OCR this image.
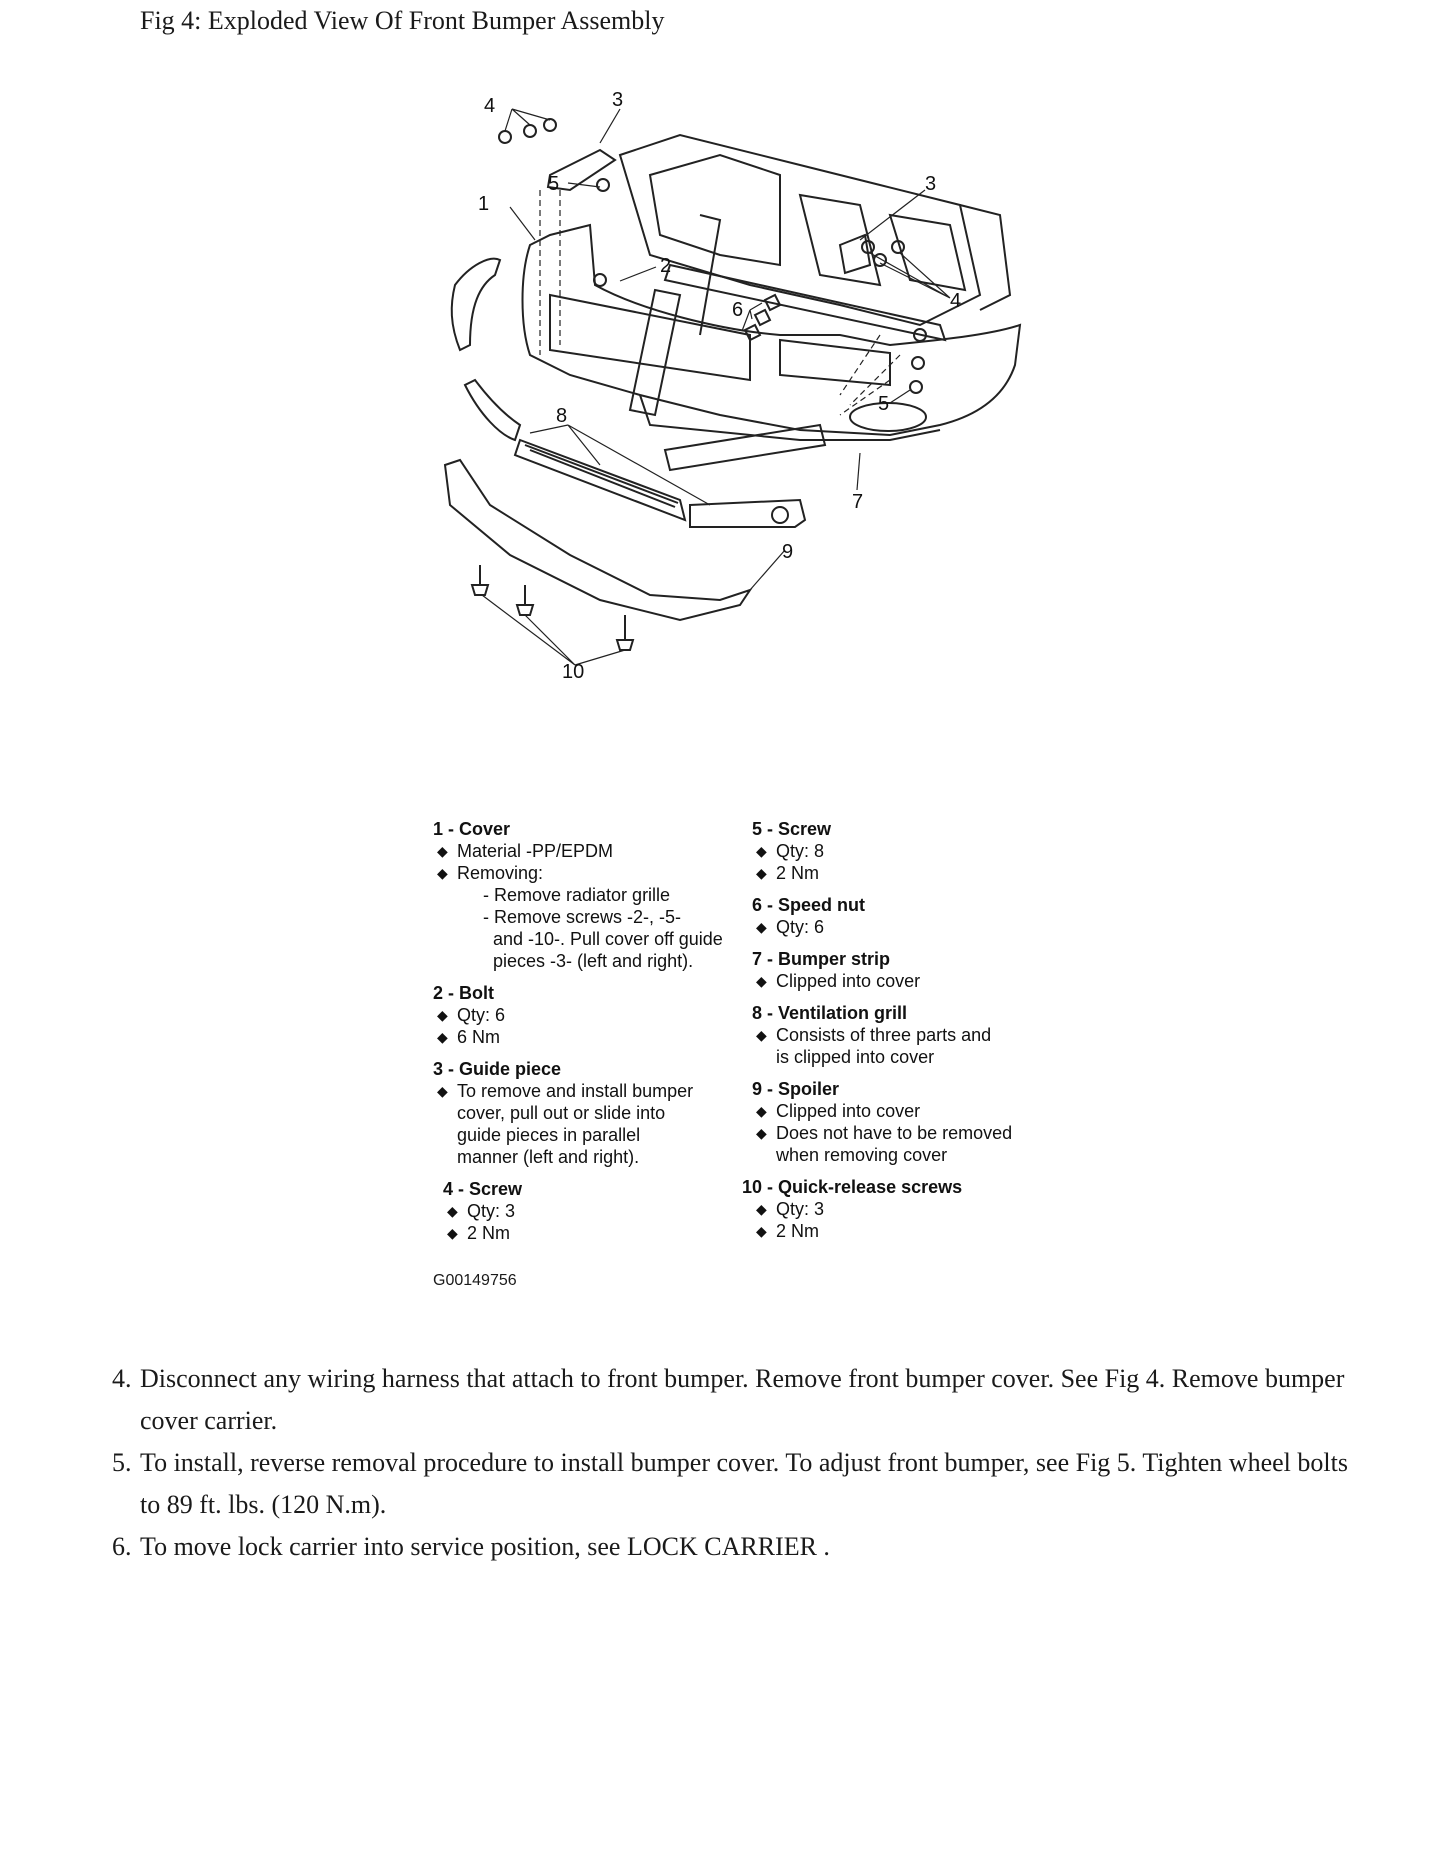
Fig 4: Exploded View Of Front Bumper Assembly
4	3
5
1
2
3
4
6
8
5
7
9
10
1 - Cover
◆ Material -PP/EPDM
◆ Removing:
- Remove radiator grille
- Remove screws -2-, -5-
and -10-. Pull cover off guide
pieces -3- (left and right).
2 - Bolt
◆ Qty: 6
◆ 6 Nm
3 - Guide piece
◆ To remove and install bumper
cover, pull out or slide into
guide pieces in parallel
manner (left and right).
4 - Screw
◆ Qty: 3
◆ 2 Nm
5 - Screw
◆ Qty: 8
◆ 2 Nm
6 - Speed nut
◆ Qty: 6
7 - Bumper strip
◆ Clipped into cover
8 - Ventilation grill
◆ Consists of three parts and
is clipped into cover
9 - Spoiler
◆ Clipped into cover
◆ Does not have to be removed
when removing cover
10 - Quick-release screws
◆ Qty: 3
◆ 2 Nm
G00149756
4. Disconnect any wiring harness that attach to front bumper. Remove front bumper cover. See Fig 4. Remove bumper cover carrier.
5. To install, reverse removal procedure to install bumper cover. To adjust front bumper, see Fig 5. Tighten wheel bolts to 89 ft. lbs. (120 N.m).
6. To move lock carrier into service position, see LOCK CARRIER .
